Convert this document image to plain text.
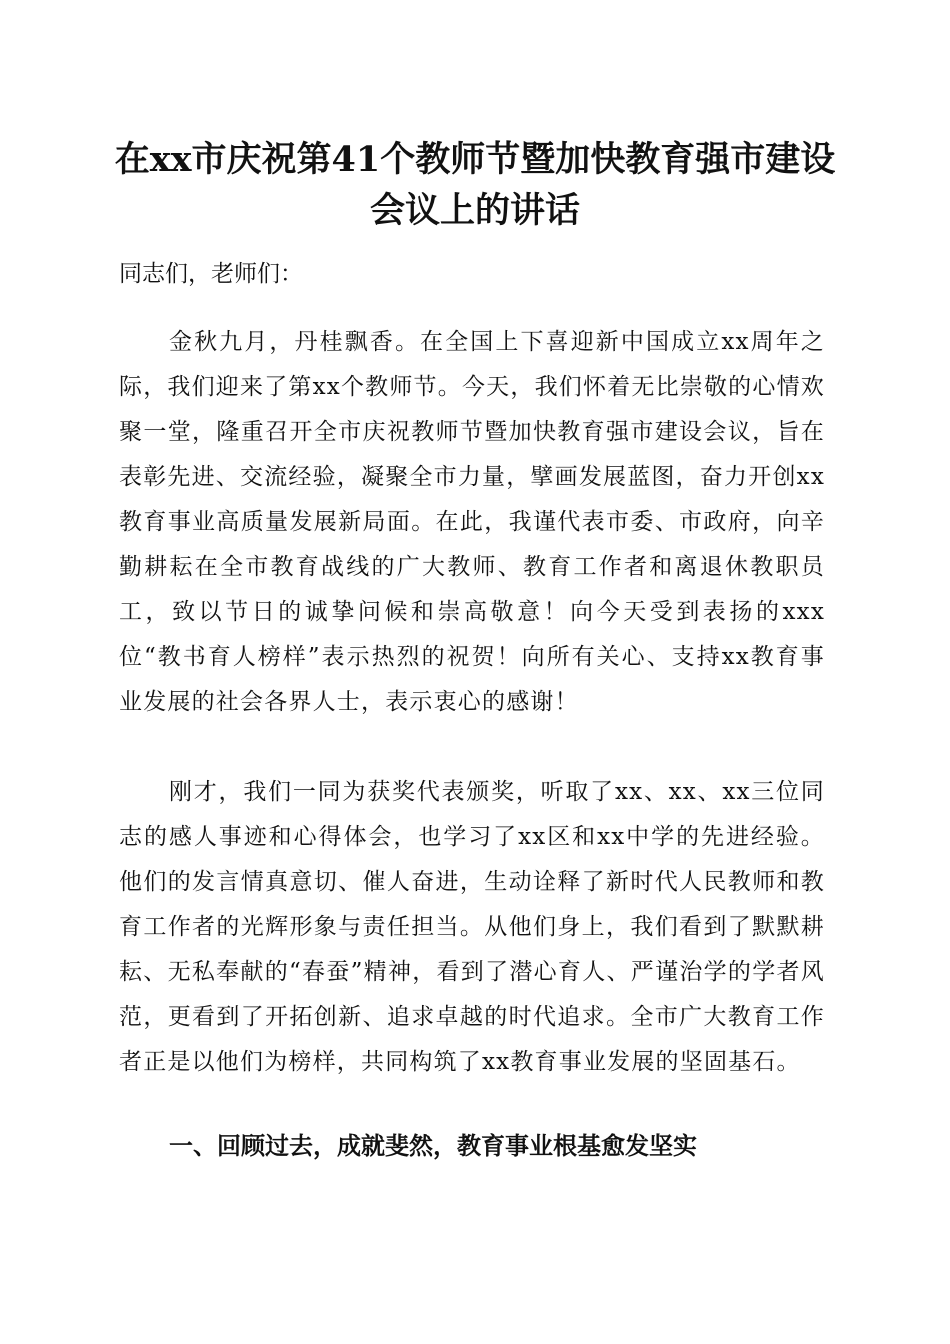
在xx市庆祝第41个教师节暨加快教育强市建设会议上的讲话

同志们，老师们：

金秋九月，丹桂飘香。在全国上下喜迎新中国成立xx周年之际，我们迎来了第xx个教师节。今天，我们怀着无比崇敬的心情欢聚一堂，隆重召开全市庆祝教师节暨加快教育强市建设会议，旨在表彰先进、交流经验，凝聚全市力量，擘画发展蓝图，奋力开创xx教育事业高质量发展新局面。在此，我谨代表市委、市政府，向辛勤耕耘在全市教育战线的广大教师、教育工作者和离退休教职员工，致以节日的诚挚问候和崇高敬意！向今天受到表扬的xxx位“教书育人榜样”表示热烈的祝贺！向所有关心、支持xx教育事业发展的社会各界人士，表示衷心的感谢！

刚才，我们一同为获奖代表颁奖，听取了xx、xx、xx三位同志的感人事迹和心得体会，也学习了xx区和xx中学的先进经验。他们的发言情真意切、催人奋进，生动诠释了新时代人民教师和教育工作者的光辉形象与责任担当。从他们身上，我们看到了默默耕耘、无私奉献的“春蚕”精神，看到了潜心育人、严谨治学的学者风范，更看到了开拓创新、追求卓越的时代追求。全市广大教育工作者正是以他们为榜样，共同构筑了xx教育事业发展的坚固基石。

一、回顾过去，成就斐然，教育事业根基愈发坚实
